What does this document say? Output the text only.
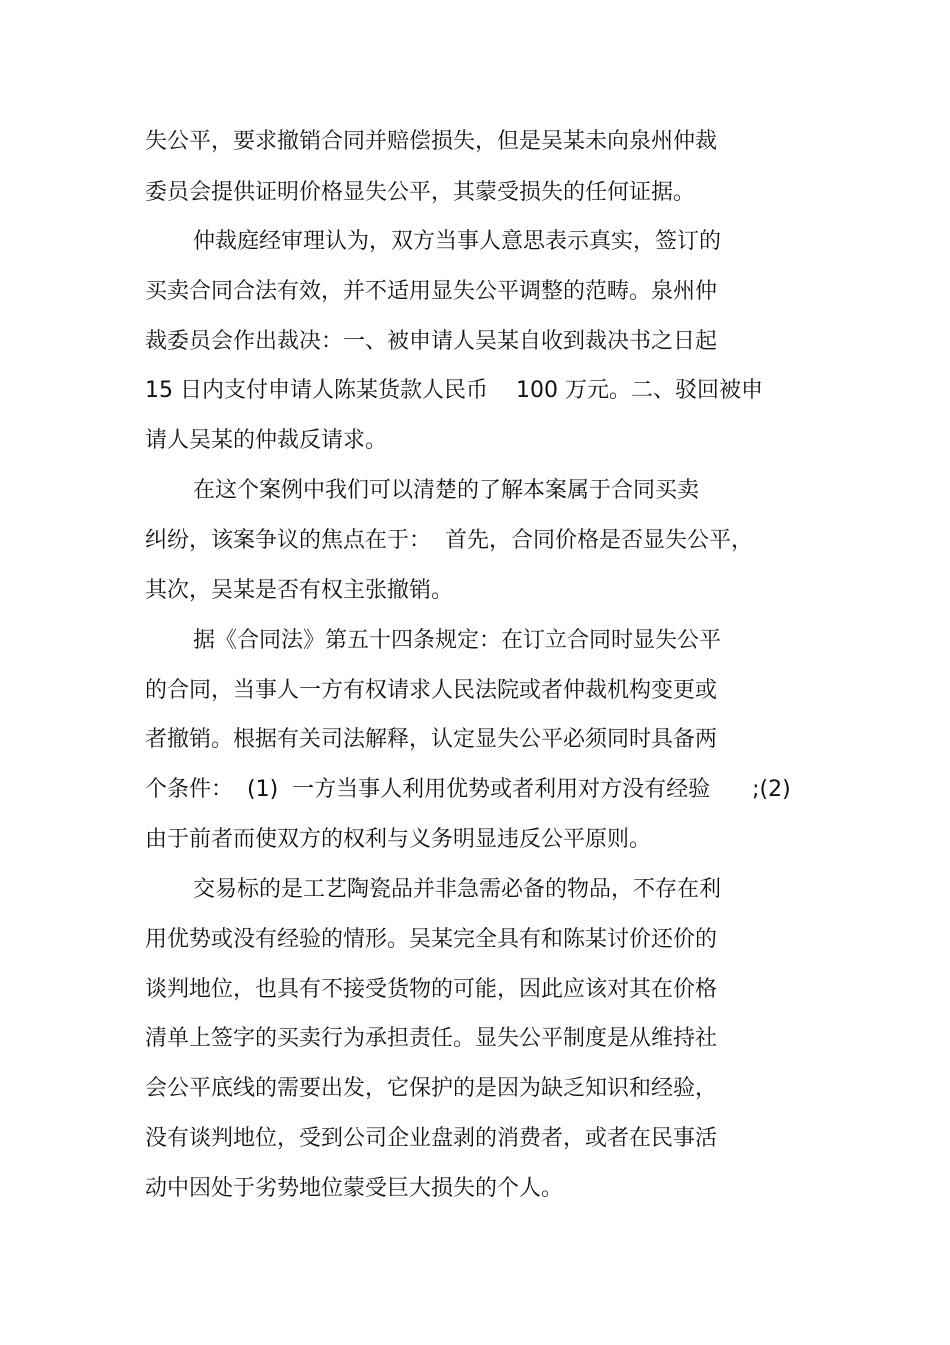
失公平，要求撤销合同并赔偿损失，但是吴某未向泉州仲裁
委员会提供证明价格显失公平，其蒙受损失的任何证据。
仲裁庭经审理认为，双方当事人意思表示真实，签订的
买卖合同合法有效，并不适用显失公平调整的范畴。泉州仲
裁委员会作出裁决：一、被申请人吴某自收到裁决书之日起
15 日内支付申请人陈某货款人民币    100 万元。二、驳回被申
请人吴某的仲裁反请求。
在这个案例中我们可以清楚的了解本案属于合同买卖
纠纷，该案争议的焦点在于：  首先，合同价格是否显失公平，
其次，吴某是否有权主张撤销。
据《合同法》第五十四条规定：在订立合同时显失公平
的合同，当事人一方有权请求人民法院或者仲裁机构变更或
者撤销。根据有关司法解释，认定显失公平必须同时具备两
个条件：  (1)  一方当事人利用优势或者利用对方没有经验      ;(2)
由于前者而使双方的权利与义务明显违反公平原则。
交易标的是工艺陶瓷品并非急需必备的物品，不存在利
用优势或没有经验的情形。吴某完全具有和陈某讨价还价的
谈判地位，也具有不接受货物的可能，因此应该对其在价格
清单上签字的买卖行为承担责任。显失公平制度是从维持社
会公平底线的需要出发，它保护的是因为缺乏知识和经验，
没有谈判地位，受到公司企业盘剥的消费者，或者在民事活
动中因处于劣势地位蒙受巨大损失的个人。
